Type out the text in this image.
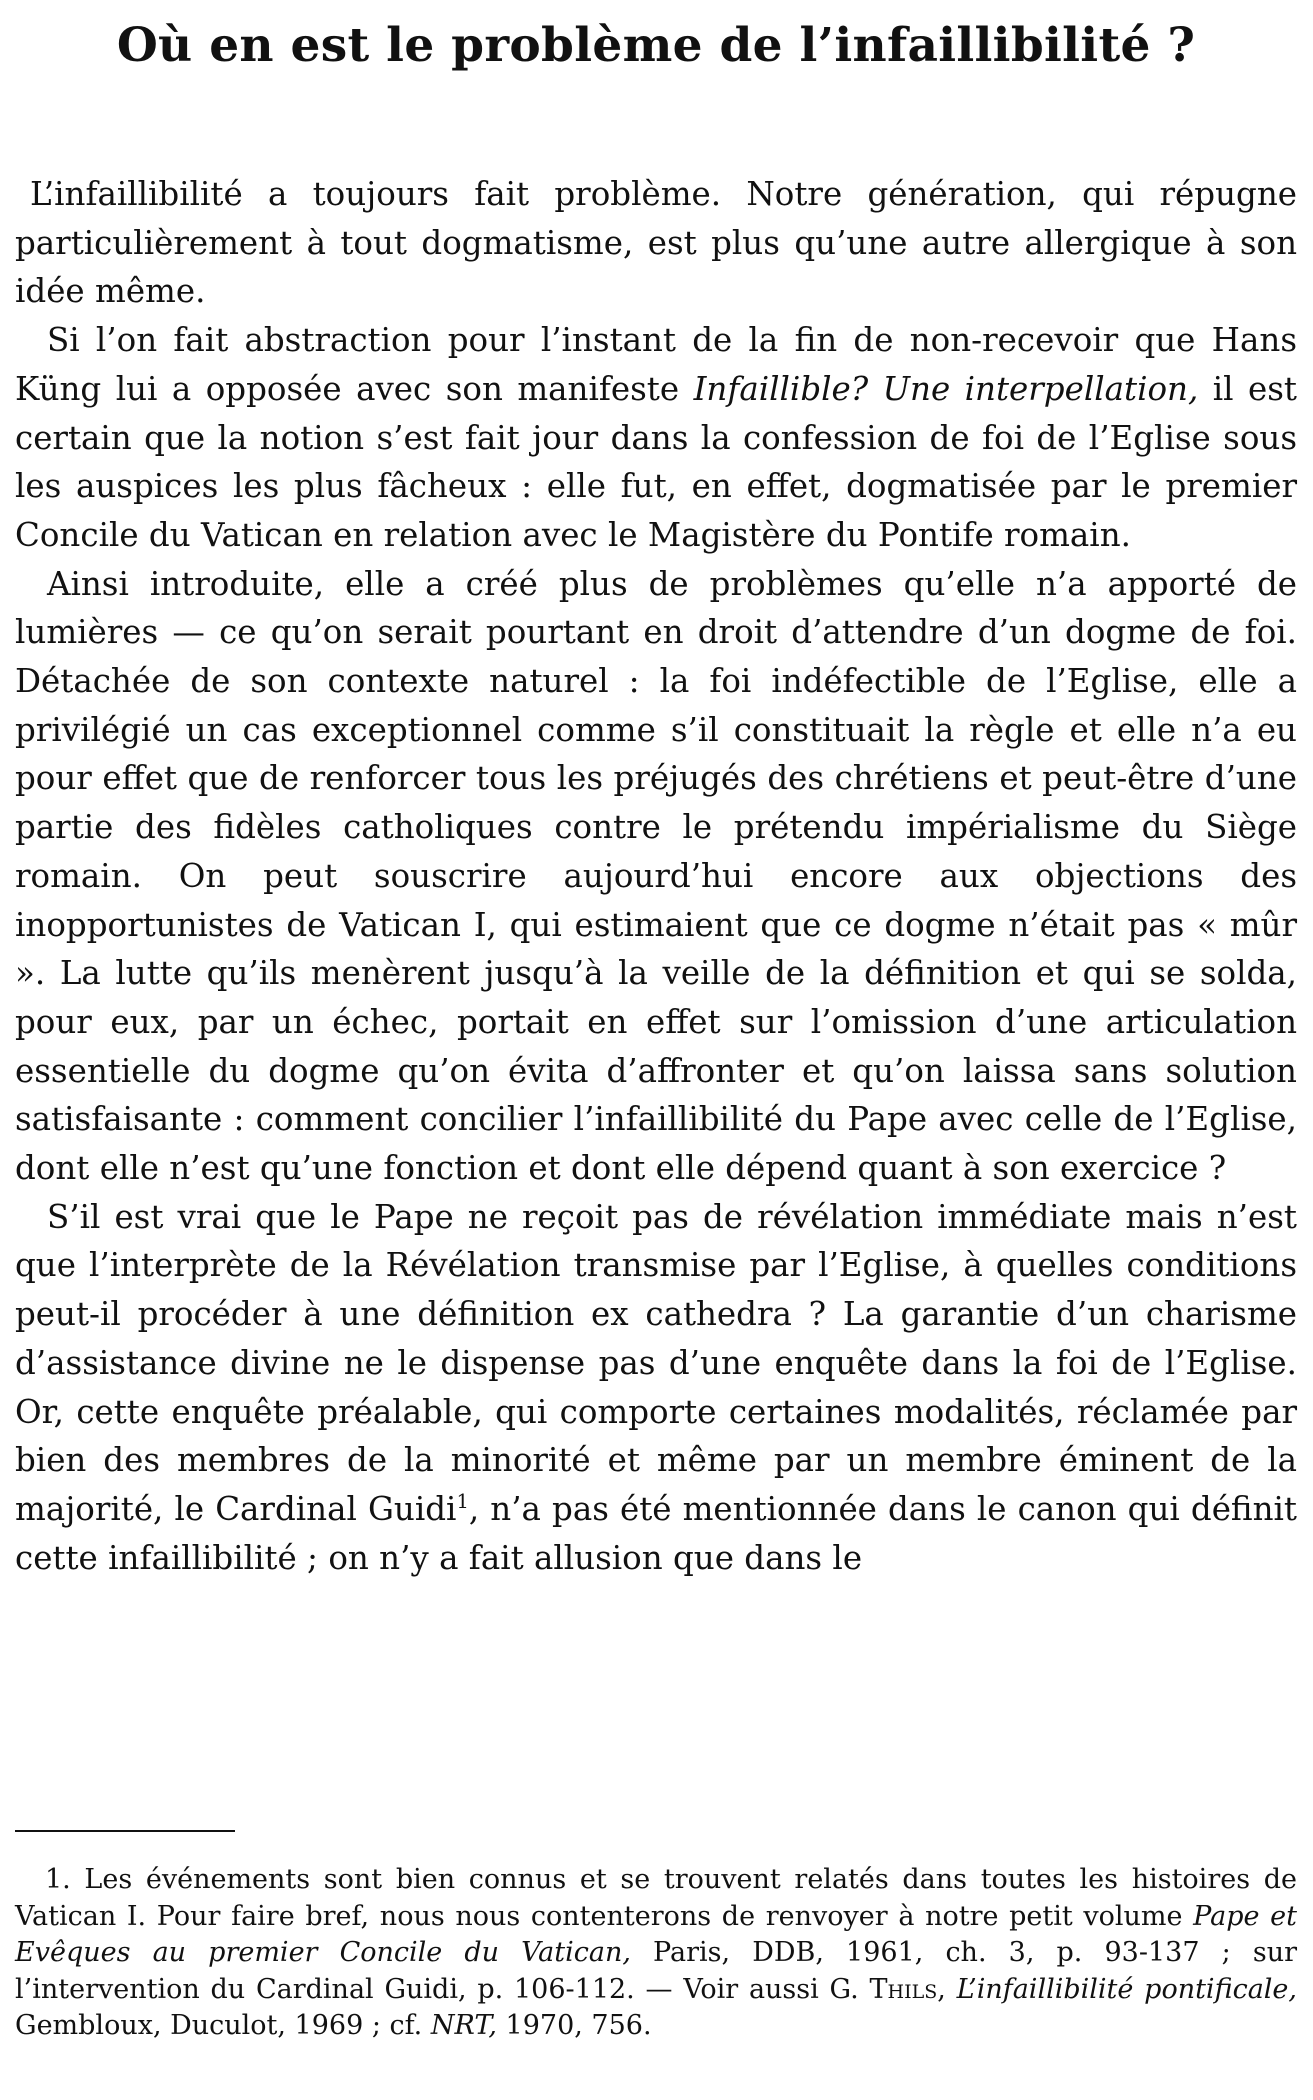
Où en est le problème de l’infaillibilité ?

L’infaillibilité a toujours fait problème. Notre génération, qui répugne particulièrement à tout dogmatisme, est plus qu’une autre allergique à son idée même.

Si l’on fait abstraction pour l’instant de la fin de non-recevoir que Hans Küng lui a opposée avec son manifeste Infaillible? Une interpellation, il est certain que la notion s’est fait jour dans la confession de foi de l’Eglise sous les auspices les plus fâcheux : elle fut, en effet, dogmatisée par le premier Concile du Vatican en relation avec le Magistère du Pontife romain.

Ainsi introduite, elle a créé plus de problèmes qu’elle n’a apporté de lumières — ce qu’on serait pourtant en droit d’attendre d’un dogme de foi. Détachée de son contexte naturel : la foi indéfectible de l’Eglise, elle a privilégié un cas exceptionnel comme s’il constituait la règle et elle n’a eu pour effet que de renforcer tous les préjugés des chrétiens et peut-être d’une partie des fidèles catholiques contre le prétendu impérialisme du Siège romain. On peut souscrire aujourd’hui encore aux objections des inopportunistes de Vatican I, qui estimaient que ce dogme n’était pas « mûr ». La lutte qu’ils menèrent jusqu’à la veille de la définition et qui se solda, pour eux, par un échec, portait en effet sur l’omission d’une articulation essentielle du dogme qu’on évita d’affronter et qu’on laissa sans solution satisfaisante : comment concilier l’infaillibilité du Pape avec celle de l’Eglise, dont elle n’est qu’une fonction et dont elle dépend quant à son exercice ?

S’il est vrai que le Pape ne reçoit pas de révélation immédiate mais n’est que l’interprète de la Révélation transmise par l’Eglise, à quelles conditions peut-il procéder à une définition ex cathedra ? La garantie d’un charisme d’assistance divine ne le dispense pas d’une enquête dans la foi de l’Eglise. Or, cette enquête préalable, qui comporte certaines modalités, réclamée par bien des membres de la minorité et même par un membre éminent de la majorité, le Cardinal Guidi$^1$, n’a pas été mentionnée dans le canon qui définit cette infaillibilité ; on n’y a fait allusion que dans le

1. Les événements sont bien connus et se trouvent relatés dans toutes les histoires de Vatican I. Pour faire bref, nous nous contenterons de renvoyer à notre petit volume Pape et Evêques au premier Concile du Vatican, Paris, DDB, 1961, ch. 3, p. 93-137 ; sur l’intervention du Cardinal Guidi, p. 106-112. — Voir aussi G. Thils, L’infaillibilité pontificale, Gembloux, Duculot, 1969 ; cf. NRT, 1970, 756.
